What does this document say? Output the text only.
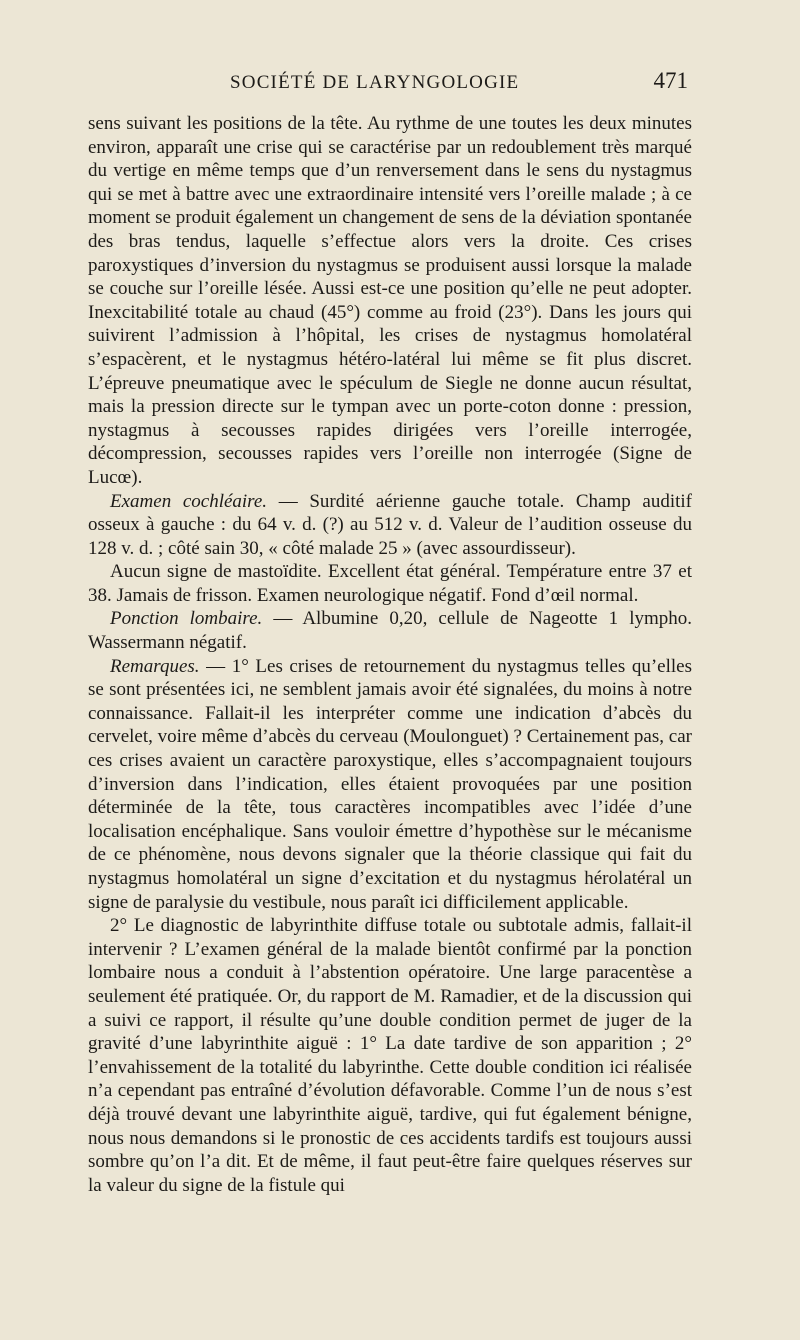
SOCIÉTÉ DE LARYNGOLOGIE	471

sens suivant les positions de la tête. Au rythme de une toutes les deux minutes environ, apparaît une crise qui se caractérise par un redoublement très marqué du vertige en même temps que d’un renversement dans le sens du nystagmus qui se met à battre avec une extraordinaire intensité vers l’oreille malade ; à ce moment se produit également un changement de sens de la déviation spontanée des bras tendus, laquelle s’effectue alors vers la droite. Ces crises paroxystiques d’inversion du nystagmus se produisent aussi lorsque la malade se couche sur l’oreille lésée. Aussi est-ce une position qu’elle ne peut adopter. Inexcitabilité totale au chaud (45°) comme au froid (23°). Dans les jours qui suivirent l’admission à l’hôpital, les crises de nystagmus homolatéral s’espacèrent, et le nystagmus hétéro-latéral lui même se fit plus discret. L’épreuve pneumatique avec le spéculum de Siegle ne donne aucun résultat, mais la pression directe sur le tympan avec un porte-coton donne : pression, nystagmus à secousses rapides dirigées vers l’oreille interrogée, décompression, secousses rapides vers l’oreille non interrogée (Signe de Lucœ).

Examen cochléaire. — Surdité aérienne gauche totale. Champ auditif osseux à gauche : du 64 v. d. (?) au 512 v. d. Valeur de l’audition osseuse du 128 v. d. ; côté sain 30, « côté malade 25 » (avec assourdisseur).

Aucun signe de mastoïdite. Excellent état général. Température entre 37 et 38. Jamais de frisson. Examen neurologique négatif. Fond d’œil normal.

Ponction lombaire. — Albumine 0,20, cellule de Nageotte 1 lympho. Wassermann négatif.

Remarques. — 1° Les crises de retournement du nystagmus telles qu’elles se sont présentées ici, ne semblent jamais avoir été signalées, du moins à notre connaissance. Fallait-il les interpréter comme une indication d’abcès du cervelet, voire même d’abcès du cerveau (Moulonguet) ? Certainement pas, car ces crises avaient un caractère paroxystique, elles s’accompagnaient toujours d’inversion dans l’indication, elles étaient provoquées par une position déterminée de la tête, tous caractères incompatibles avec l’idée d’une localisation encéphalique. Sans vouloir émettre d’hypothèse sur le mécanisme de ce phénomène, nous devons signaler que la théorie classique qui fait du nystagmus homolatéral un signe d’excitation et du nystagmus hérolatéral un signe de paralysie du vestibule, nous paraît ici difficilement applicable.

2° Le diagnostic de labyrinthite diffuse totale ou subtotale admis, fallait-il intervenir ? L’examen général de la malade bientôt confirmé par la ponction lombaire nous a conduit à l’abstention opératoire. Une large paracentèse a seulement été pratiquée. Or, du rapport de M. Ramadier, et de la discussion qui a suivi ce rapport, il résulte qu’une double condition permet de juger de la gravité d’une labyrinthite aiguë : 1° La date tardive de son apparition ; 2° l’envahissement de la totalité du labyrinthe. Cette double condition ici réalisée n’a cependant pas entraîné d’évolution défavorable. Comme l’un de nous s’est déjà trouvé devant une labyrinthite aiguë, tardive, qui fut également bénigne, nous nous demandons si le pronostic de ces accidents tardifs est toujours aussi sombre qu’on l’a dit. Et de même, il faut peut-être faire quelques réserves sur la valeur du signe de la fistule qui
